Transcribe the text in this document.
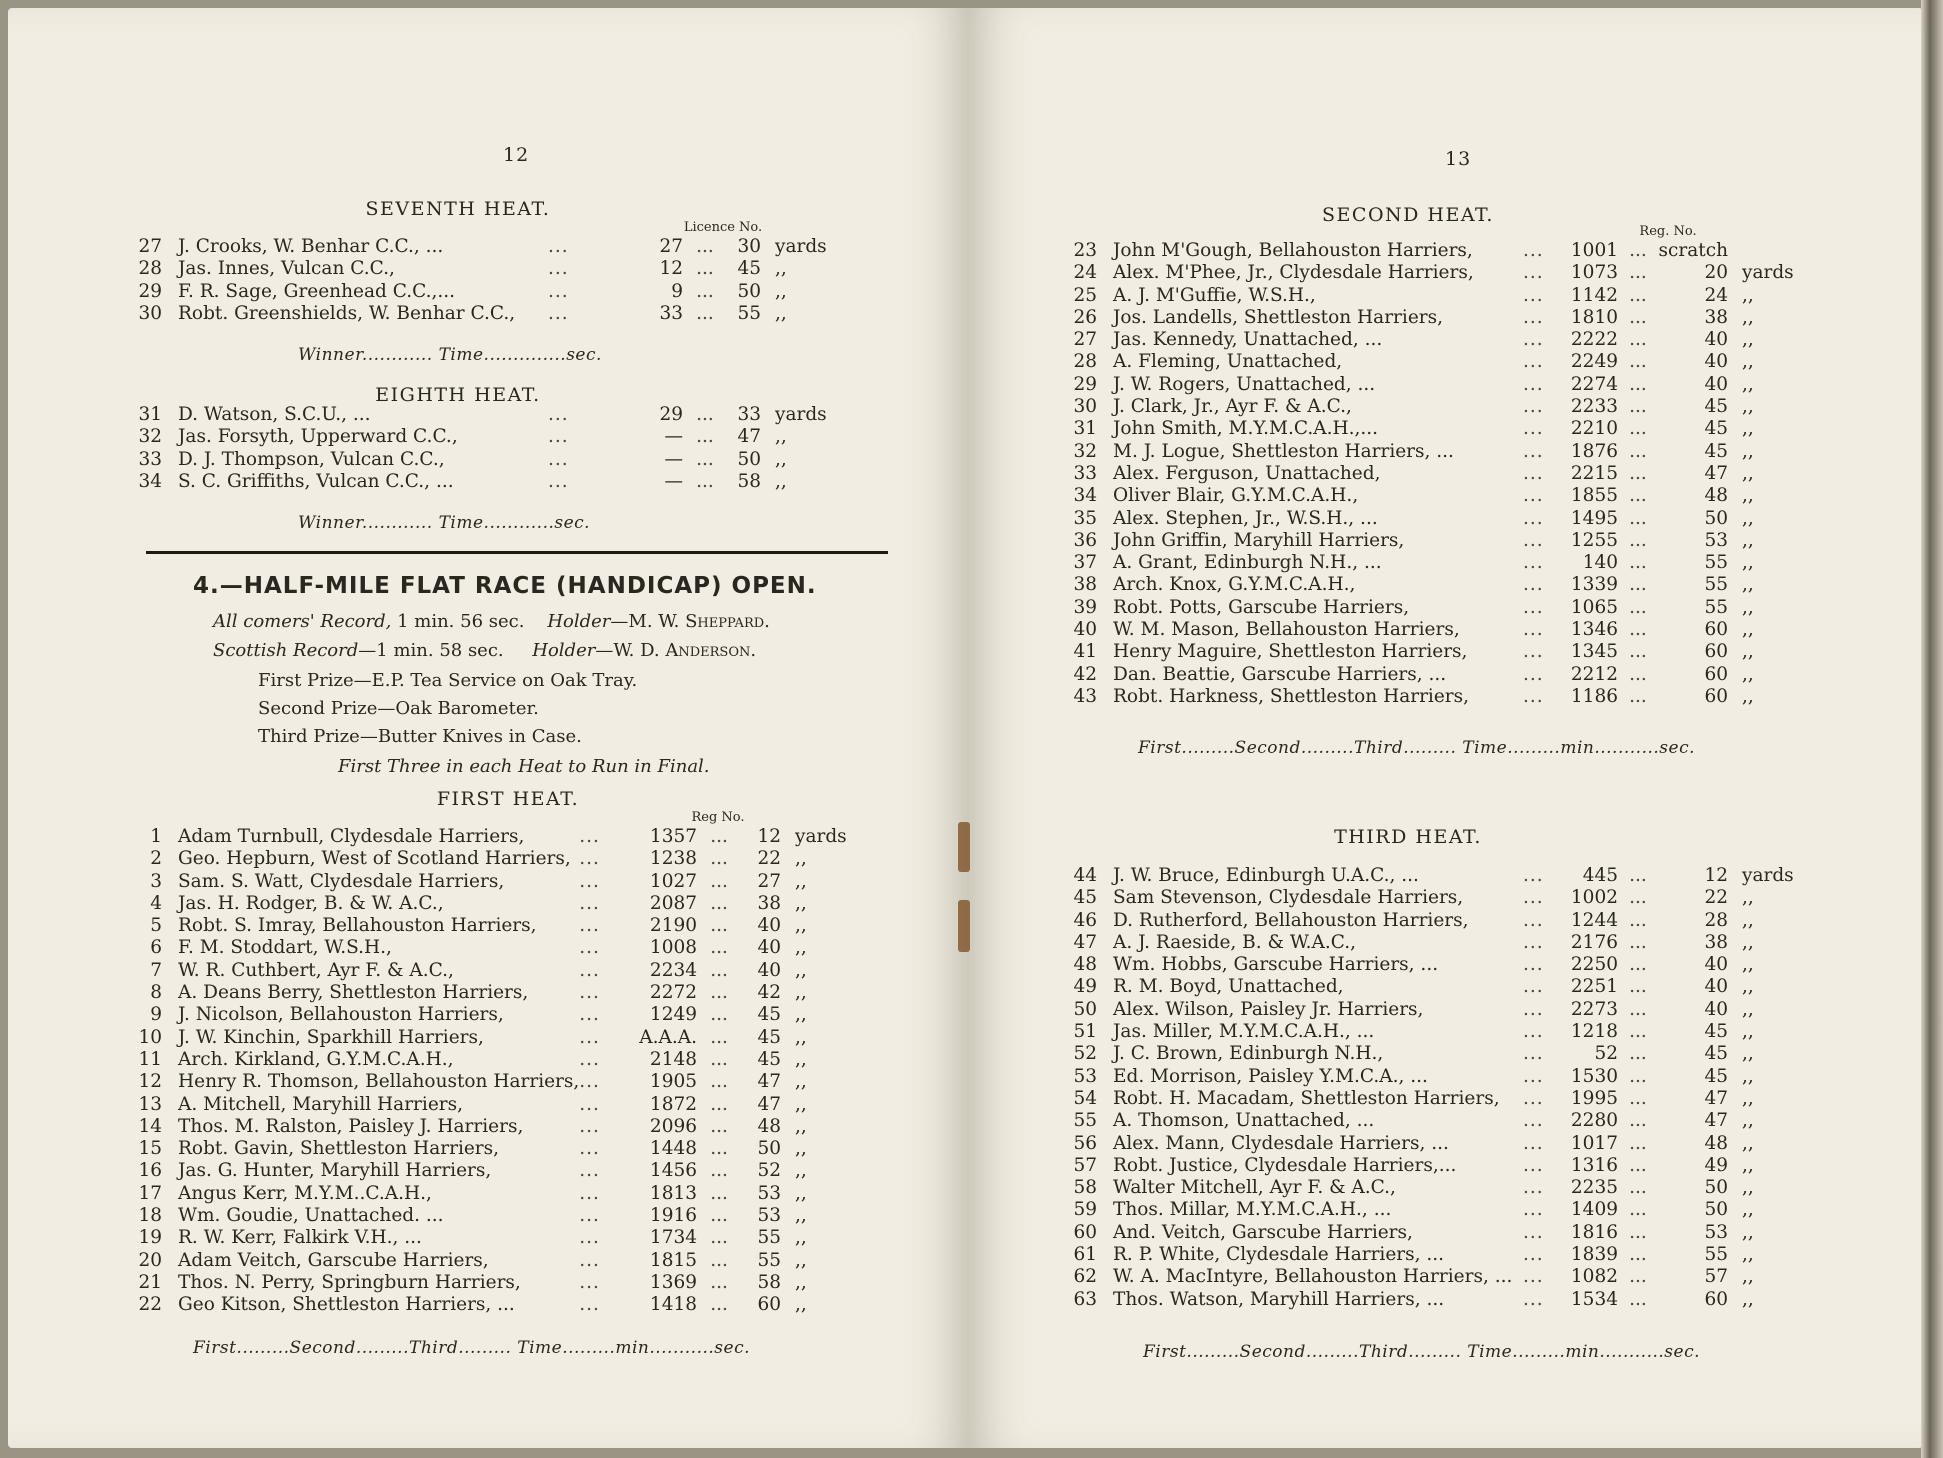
12
SEVENTH HEAT.
Licence No.
27	J. Crooks, W. Benhar C.C., ...	...	27	...	30	yards
28	Jas. Innes, Vulcan C.C.,	...	12	...	45	,,
29	F. R. Sage, Greenhead C.C.,...	...	9	...	50	,,
30	Robt. Greenshields, W. Benhar C.C.,	...	33	...	55	,,
Winner............ Time..............sec.
EIGHTH HEAT.
31	D. Watson, S.C.U., ...	...	29	...	33	yards
32	Jas. Forsyth, Upperward C.C.,	...	—	...	47	,,
33	D. J. Thompson, Vulcan C.C.,	...	—	...	50	,,
34	S. C. Griffiths, Vulcan C.C., ...	...	—	...	58	,,
Winner............ Time............sec.
4.—HALF-MILE FLAT RACE (HANDICAP) OPEN.
All comers' Record, 1 min. 56 sec. Holder—M. W. Sheppard.
Scottish Record—1 min. 58 sec. Holder—W. D. Anderson.
First Prize—E.P. Tea Service on Oak Tray.
Second Prize—Oak Barometer.
Third Prize—Butter Knives in Case.
First Three in each Heat to Run in Final.
FIRST HEAT.
Reg No.
1	Adam Turnbull, Clydesdale Harriers,	...	1357	...	12	yards
2	Geo. Hepburn, West of Scotland Harriers,	...	1238	...	22	,,
3	Sam. S. Watt, Clydesdale Harriers,	...	1027	...	27	,,
4	Jas. H. Rodger, B. & W. A.C.,	...	2087	...	38	,,
5	Robt. S. Imray, Bellahouston Harriers,	...	2190	...	40	,,
6	F. M. Stoddart, W.S.H.,	...	1008	...	40	,,
7	W. R. Cuthbert, Ayr F. & A.C.,	...	2234	...	40	,,
8	A. Deans Berry, Shettleston Harriers,	...	2272	...	42	,,
9	J. Nicolson, Bellahouston Harriers,	...	1249	...	45	,,
10	J. W. Kinchin, Sparkhill Harriers,	...	A.A.A.	...	45	,,
11	Arch. Kirkland, G.Y.M.C.A.H.,	...	2148	...	45	,,
12	Henry R. Thomson, Bellahouston Harriers,	...	1905	...	47	,,
13	A. Mitchell, Maryhill Harriers,	...	1872	...	47	,,
14	Thos. M. Ralston, Paisley J. Harriers,	...	2096	...	48	,,
15	Robt. Gavin, Shettleston Harriers,	...	1448	...	50	,,
16	Jas. G. Hunter, Maryhill Harriers,	...	1456	...	52	,,
17	Angus Kerr, M.Y.M..C.A.H.,	...	1813	...	53	,,
18	Wm. Goudie, Unattached. ...	...	1916	...	53	,,
19	R. W. Kerr, Falkirk V.H., ...	...	1734	...	55	,,
20	Adam Veitch, Garscube Harriers,	...	1815	...	55	,,
21	Thos. N. Perry, Springburn Harriers,	...	1369	...	58	,,
22	Geo Kitson, Shettleston Harriers, ...	...	1418	...	60	,,
First.........Second.........Third......... Time.........min...........sec.
13
SECOND HEAT.
Reg. No.
23	John M'Gough, Bellahouston Harriers,	...	1001	...	scratch	
24	Alex. M'Phee, Jr., Clydesdale Harriers,	...	1073	...	20	yards
25	A. J. M'Guffie, W.S.H.,	...	1142	...	24	,,
26	Jos. Landells, Shettleston Harriers,	...	1810	...	38	,,
27	Jas. Kennedy, Unattached, ...	...	2222	...	40	,,
28	A. Fleming, Unattached,	...	2249	...	40	,,
29	J. W. Rogers, Unattached, ...	...	2274	...	40	,,
30	J. Clark, Jr., Ayr F. & A.C.,	...	2233	...	45	,,
31	John Smith, M.Y.M.C.A.H.,...	...	2210	...	45	,,
32	M. J. Logue, Shettleston Harriers, ...	...	1876	...	45	,,
33	Alex. Ferguson, Unattached,	...	2215	...	47	,,
34	Oliver Blair, G.Y.M.C.A.H.,	...	1855	...	48	,,
35	Alex. Stephen, Jr., W.S.H., ...	...	1495	...	50	,,
36	John Griffin, Maryhill Harriers,	...	1255	...	53	,,
37	A. Grant, Edinburgh N.H., ...	...	140	...	55	,,
38	Arch. Knox, G.Y.M.C.A.H.,	...	1339	...	55	,,
39	Robt. Potts, Garscube Harriers,	...	1065	...	55	,,
40	W. M. Mason, Bellahouston Harriers,	...	1346	...	60	,,
41	Henry Maguire, Shettleston Harriers,	...	1345	...	60	,,
42	Dan. Beattie, Garscube Harriers, ...	...	2212	...	60	,,
43	Robt. Harkness, Shettleston Harriers,	...	1186	...	60	,,
First.........Second.........Third......... Time.........min...........sec.
THIRD HEAT.
44	J. W. Bruce, Edinburgh U.A.C., ...	...	445	...	12	yards
45	Sam Stevenson, Clydesdale Harriers,	...	1002	...	22	,,
46	D. Rutherford, Bellahouston Harriers,	...	1244	...	28	,,
47	A. J. Raeside, B. & W.A.C.,	...	2176	...	38	,,
48	Wm. Hobbs, Garscube Harriers, ...	...	2250	...	40	,,
49	R. M. Boyd, Unattached,	...	2251	...	40	,,
50	Alex. Wilson, Paisley Jr. Harriers,	...	2273	...	40	,,
51	Jas. Miller, M.Y.M.C.A.H., ...	...	1218	...	45	,,
52	J. C. Brown, Edinburgh N.H.,	...	52	...	45	,,
53	Ed. Morrison, Paisley Y.M.C.A., ...	...	1530	...	45	,,
54	Robt. H. Macadam, Shettleston Harriers,	...	1995	...	47	,,
55	A. Thomson, Unattached, ...	...	2280	...	47	,,
56	Alex. Mann, Clydesdale Harriers, ...	...	1017	...	48	,,
57	Robt. Justice, Clydesdale Harriers,...	...	1316	...	49	,,
58	Walter Mitchell, Ayr F. & A.C.,	...	2235	...	50	,,
59	Thos. Millar, M.Y.M.C.A.H., ...	...	1409	...	50	,,
60	And. Veitch, Garscube Harriers,	...	1816	...	53	,,
61	R. P. White, Clydesdale Harriers, ...	...	1839	...	55	,,
62	W. A. MacIntyre, Bellahouston Harriers, ...	...	1082	...	57	,,
63	Thos. Watson, Maryhill Harriers, ...	...	1534	...	60	,,
First.........Second.........Third......... Time.........min...........sec.
